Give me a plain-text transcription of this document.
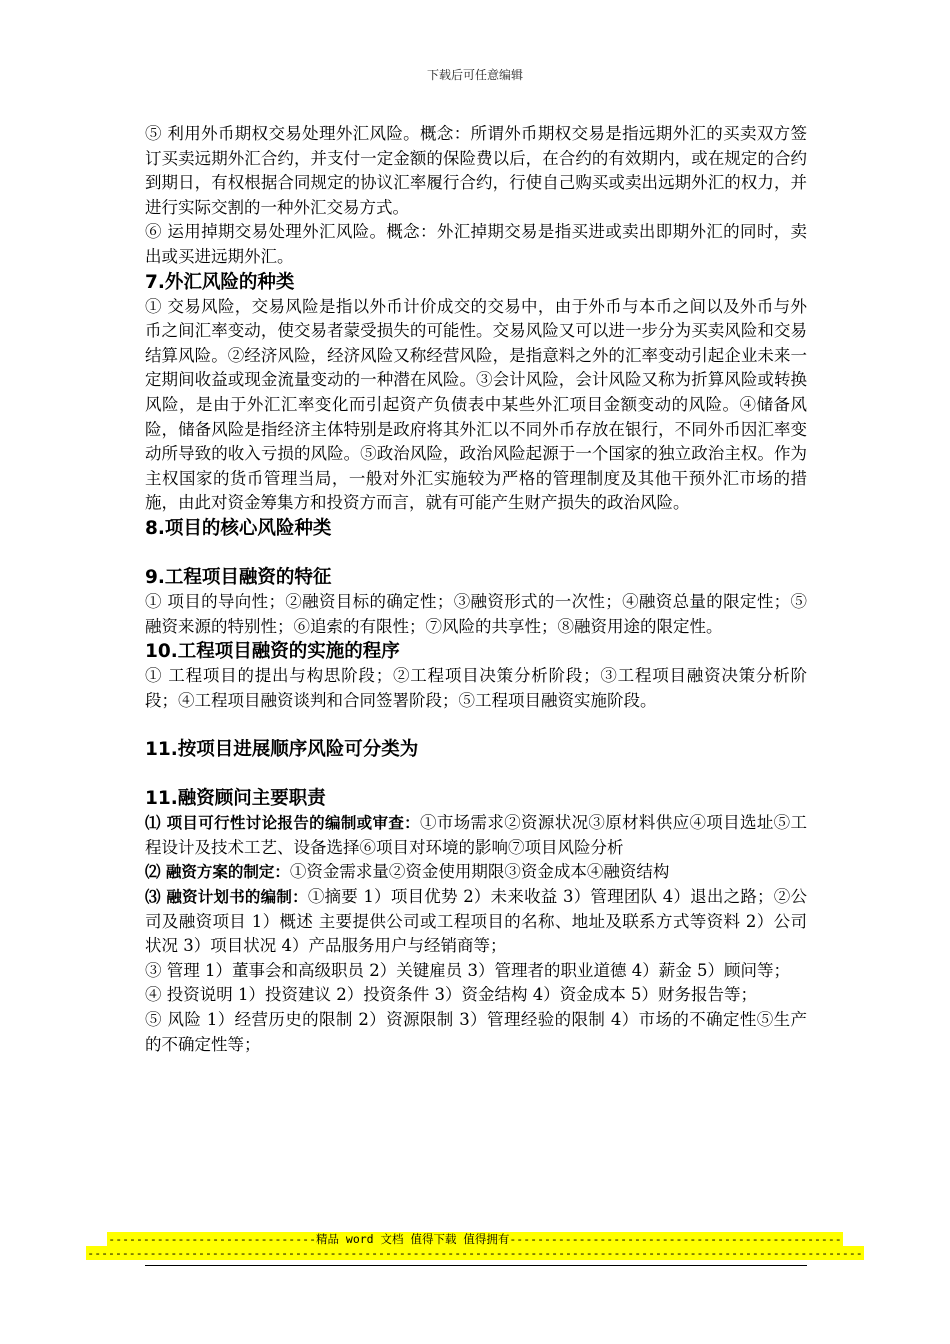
下载后可任意编辑

⑤ 利用外币期权交易处理外汇风险。概念：所谓外币期权交易是指远期外汇的买卖双方签订买卖远期外汇合约，并支付一定金额的保险费以后，在合约的有效期内，或在规定的合约到期日，有权根据合同规定的协议汇率履行合约，行使自己购买或卖出远期外汇的权力，并进行实际交割的一种外汇交易方式。

⑥ 运用掉期交易处理外汇风险。概念：外汇掉期交易是指买进或卖出即期外汇的同时，卖出或买进远期外汇。

7.外汇风险的种类

① 交易风险，交易风险是指以外币计价成交的交易中，由于外币与本币之间以及外币与外币之间汇率变动，使交易者蒙受损失的可能性。交易风险又可以进一步分为买卖风险和交易结算风险。②经济风险，经济风险又称经营风险，是指意料之外的汇率变动引起企业未来一定期间收益或现金流量变动的一种潜在风险。③会计风险，会计风险又称为折算风险或转换风险，是由于外汇汇率变化而引起资产负债表中某些外汇项目金额变动的风险。④储备风险，储备风险是指经济主体特别是政府将其外汇以不同外币存放在银行，不同外币因汇率变动所导致的收入亏损的风险。⑤政治风险，政治风险起源于一个国家的独立政治主权。作为主权国家的货币管理当局，一般对外汇实施较为严格的管理制度及其他干预外汇市场的措施，由此对资金筹集方和投资方而言，就有可能产生财产损失的政治风险。

8.项目的核心风险种类
9.工程项目融资的特征

① 项目的导向性；②融资目标的确定性；③融资形式的一次性；④融资总量的限定性；⑤融资来源的特别性；⑥追索的有限性；⑦风险的共享性；⑧融资用途的限定性。

10.工程项目融资的实施的程序

① 工程项目的提出与构思阶段；②工程项目决策分析阶段；③工程项目融资决策分析阶段；④工程项目融资谈判和合同签署阶段；⑤工程项目融资实施阶段。

11.按项目进展顺序风险可分类为
11.融资顾问主要职责

⑴ 项目可行性讨论报告的编制或审查：①市场需求②资源状况③原材料供应④项目选址⑤工程设计及技术工艺、设备选择⑥项目对环境的影响⑦项目风险分析

⑵ 融资方案的制定：①资金需求量②资金使用期限③资金成本④融资结构

⑶ 融资计划书的编制：①摘要 1）项目优势 2）未来收益 3）管理团队 4）退出之路；②公司及融资项目 1）概述 主要提供公司或工程项目的名称、地址及联系方式等资料 2）公司状况 3）项目状况 4）产品服务用户与经销商等；

③ 管理 1）董事会和高级职员 2）关键雇员 3）管理者的职业道德 4）薪金 5）顾问等；

④ 投资说明 1）投资建议 2）投资条件 3）资金结构 4）资金成本 5）财务报告等；

⑤ 风险 1）经营历史的限制 2）资源限制 3）管理经验的限制 4）市场的不确定性⑤生产的不确定性等；

------------------------------精品 word 文档 值得下载 值得拥有------------------------------------------------
----------------------------------------------------------------------------------------------------------------
